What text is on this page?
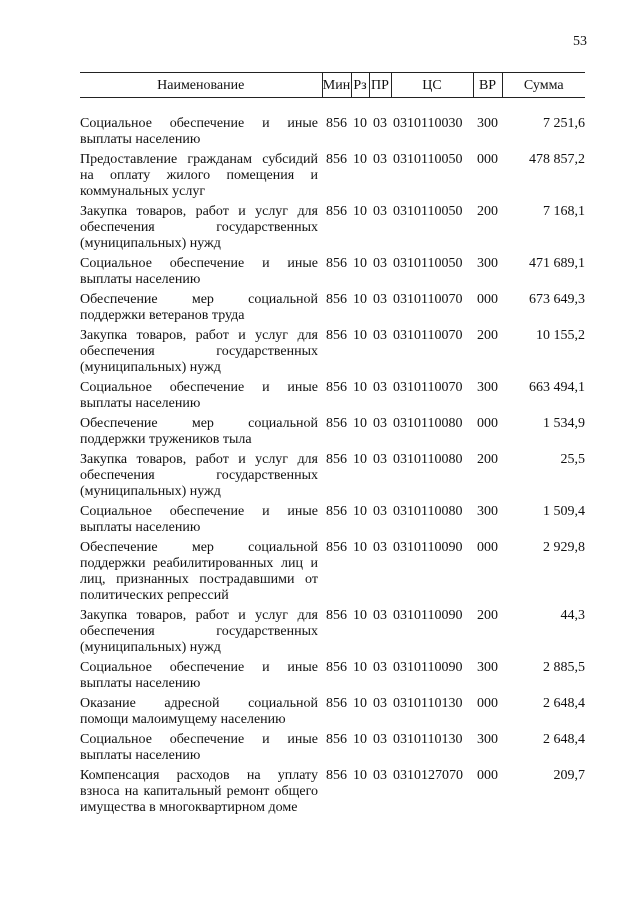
53
Наименование	Мин	Рз	ПР	ЦС	ВР	Сумма

Социальное обеспечение и иные выплаты населению	856	10	03	0310110030	300	7 251,6
Предоставление гражданам субсидий на оплату жилого помещения и коммунальных услуг	856	10	03	0310110050	000	478 857,2
Закупка товаров, работ и услуг для обеспечения государственных (муниципальных) нужд	856	10	03	0310110050	200	7 168,1
Социальное обеспечение и иные выплаты населению	856	10	03	0310110050	300	471 689,1
Обеспечение мер социальной поддержки ветеранов труда	856	10	03	0310110070	000	673 649,3
Закупка товаров, работ и услуг для обеспечения государственных (муниципальных) нужд	856	10	03	0310110070	200	10 155,2
Социальное обеспечение и иные выплаты населению	856	10	03	0310110070	300	663 494,1
Обеспечение мер социальной поддержки тружеников тыла	856	10	03	0310110080	000	1 534,9
Закупка товаров, работ и услуг для обеспечения государственных (муниципальных) нужд	856	10	03	0310110080	200	25,5
Социальное обеспечение и иные выплаты населению	856	10	03	0310110080	300	1 509,4
Обеспечение мер социальной поддержки реабилитированных лиц и лиц, признанных пострадавшими от политических репрессий	856	10	03	0310110090	000	2 929,8
Закупка товаров, работ и услуг для обеспечения государственных (муниципальных) нужд	856	10	03	0310110090	200	44,3
Социальное обеспечение и иные выплаты населению	856	10	03	0310110090	300	2 885,5
Оказание адресной социальной помощи малоимущему населению	856	10	03	0310110130	000	2 648,4
Социальное обеспечение и иные выплаты населению	856	10	03	0310110130	300	2 648,4
Компенсация расходов на уплату взноса на капитальный ремонт общего имущества в многоквартирном доме	856	10	03	0310127070	000	209,7
